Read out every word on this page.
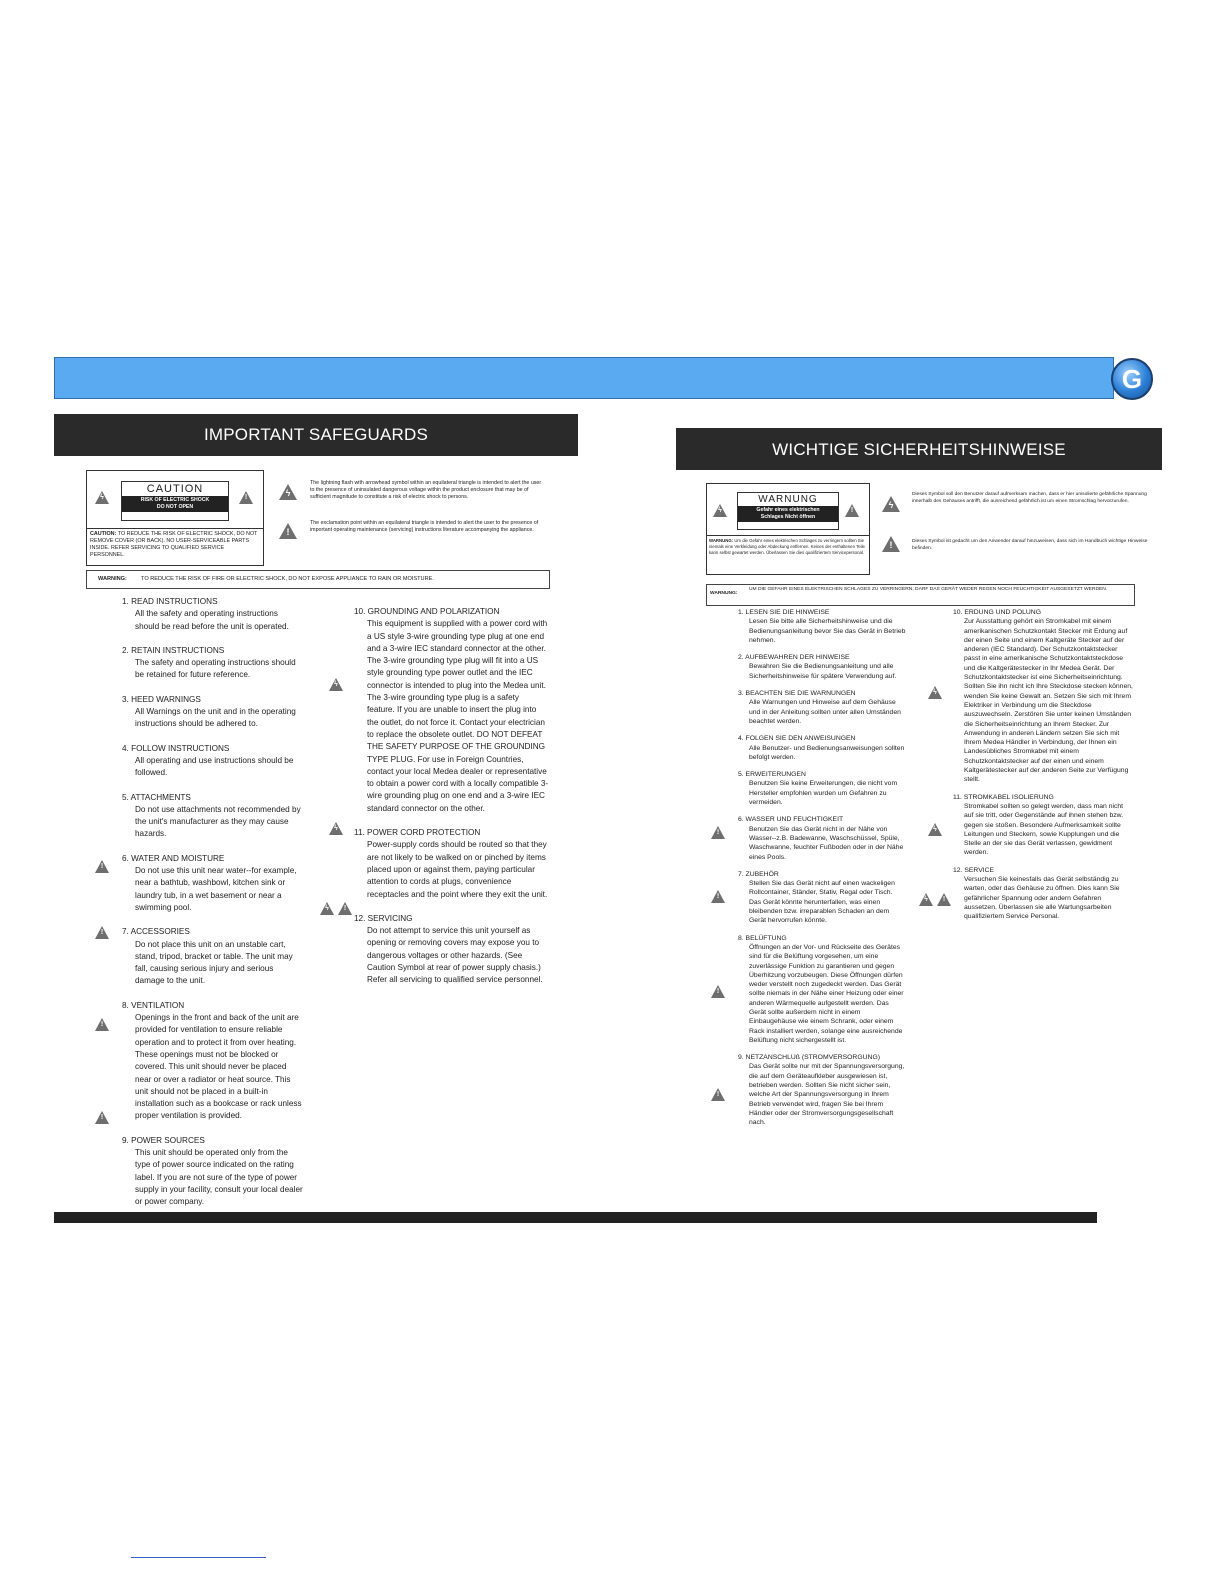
G
IMPORTANT SAFEGUARDS
ϟ
CAUTION
RISK OF ELECTRIC SHOCK
DO NOT OPEN
!
CAUTION: TO REDUCE THE RISK OF ELECTRIC SHOCK, DO NOT REMOVE COVER (OR BACK). NO USER-SERVICEABLE PARTS INSIDE. REFER SERVICING TO QUALIFIED SERVICE PERSONNEL.
ϟ
The lightning flash with arrowhead symbol within an equilateral triangle is intended to alert the user to the presence of uninsulated dangerous voltage within the product enclosure that may be of sufficient magnitude to constitute a risk of electric shock to persons.
!
The exclamation point within an equilateral triangle is intended to alert the user to the presence of important operating maintenance (servicing) instructions literature accompanying the appliance.
WARNING:	TO REDUCE THE RISK OF FIRE OR ELECTRIC SHOCK, DO NOT EXPOSE APPLIANCE TO RAIN OR MOISTURE.
1. READ INSTRUCTIONS
All the safety and operating instructions should be read before the unit is operated.
2. RETAIN INSTRUCTIONS
The safety and operating instructions should be retained for future reference.
3. HEED WARNINGS
All Warnings on the unit and in the operating instructions should be adhered to.
4. FOLLOW INSTRUCTIONS
All operating and use instructions should be followed.
5. ATTACHMENTS
Do not use attachments not recommended by the unit's manufacturer as they may cause hazards.
6. WATER AND MOISTURE
Do not use this unit near water--for example, near a bathtub, washbowl, kitchen sink or laundry tub, in a wet basement or near a swimming pool.
7. ACCESSORIES
Do not place this unit on an unstable cart, stand, tripod, bracket or table. The unit may fall, causing serious injury and serious damage to the unit.
8. VENTILATION
Openings in the front and back of the unit are provided for ventilation to ensure reliable operation and to protect it from over heating. These openings must not be blocked or covered. This unit should never be placed near or over a radiator or heat source. This unit should not be placed in a built-in installation such as a bookcase or rack unless proper ventilation is provided.
9. POWER SOURCES
This unit should be operated only from the type of power source indicated on the rating label. If you are not sure of the type of power supply in your facility, consult your local dealer or power company.
10. GROUNDING AND POLARIZATION
This equipment is supplied with a power cord with a US style 3-wire grounding type plug at one end and a 3-wire IEC standard connector at the other. The 3-wire grounding type plug will fit into a US style grounding type power outlet and the IEC connector is intended to plug into the Medea unit. The 3-wire grounding type plug is a safety feature. If you are unable to insert the plug into the outlet, do not force it. Contact your electrician to replace the obsolete outlet. DO NOT DEFEAT THE SAFETY PURPOSE OF THE GROUNDING TYPE PLUG. For use in Foreign Countries, contact your local Medea dealer or representative to obtain a power cord with a locally compatible 3-wire grounding plug on one end and a 3-wire IEC standard connector on the other.
11. POWER CORD PROTECTION
Power-supply cords should be routed so that they are not likely to be walked on or pinched by items placed upon or against them, paying particular attention to cords at plugs, convenience receptacles and the point where they exit the unit.
12. SERVICING
Do not attempt to service this unit yourself as opening or removing covers may expose you to dangerous voltages or other hazards. (See Caution Symbol at rear of power supply chasis.) Refer all servicing to qualified service personnel.
!
!
!
!
ϟ
ϟ
ϟ !
WICHTIGE SICHERHEITSHINWEISE
ϟ
WARNUNG
Gefahr eines elektrischen
Schlages Nicht öffnen
!
WARNUNG: Um die Gefahr eines elektrischen Schlages zu verringern sollten Sie niemals eine Verkleidung oder Abdeckung entfernen. Keines der enthaltenen Teile kann selbst gewartet werden. Überlassen Sie dies qualifiziertem Servicepersonal.
ϟ
Dieses Symbol soll den Benutzer darauf aufmerksam machen, dass er hier unisolierte gefährliche Spannung innerhalb des Gehäuses antrifft, die ausreichend gefährlich ist um einen Stromschlag hervorzurufen.
!	Dieses Symbol ist gedacht um den Anwender darauf hinzuweisen, dass sich im Handbuch wichtige Hinweise befinden.
WARNUNG:
UM DIE GEFAHR EINES ELEKTRISCHEN SCHLAGES ZU VERRINGERN, DARF DAS GERÄT WEDER REGEN NOCH FEUCHTIGKEIT AUSGESETZT WERDEN.
1. LESEN SIE DIE HINWEISE
Lesen Sie bitte alle Sicherheitshinweise und die Bedienungsanleitung bevor Sie das Gerät in Betrieb nehmen.
2. AUFBEWAHREN DER HINWEISE
Bewahren Sie die Bedienungsanleitung und alle Sicherheitshinweise für spätere Verwendung auf.
3. BEACHTEN SIE DIE WARNUNGEN
Alle Warnungen und Hinweise auf dem Gehäuse und in der Anleitung sollten unter allen Umständen beachtet werden.
4. FOLGEN SIE DEN ANWEISUNGEN
Alle Benutzer- und Bedienungsanweisungen sollten befolgt werden.
5. ERWEITERUNGEN
Benutzen Sie keine Erweiterungen, die nicht vom Hersteller empfohlen wurden um Gefahren zu vermeiden.
6. WASSER UND FEUCHTIGKEIT
Benutzen Sie das Gerät nicht in der Nähe von Wasser--z.B. Badewanne, Waschschüssel, Spüle, Waschwanne, feuchter Fußboden oder in der Nähe eines Pools.
7. ZUBEHÖR
Stellen Sie das Gerät nicht auf einen wackeligen Rollcontainer, Ständer, Stativ, Regal oder Tisch. Das Gerät könnte herunterfallen, was einen bleibenden bzw. irreparablen Schaden an dem Gerät hervorrufen könnte.
8. BELÜFTUNG
Öffnungen an der Vor- und Rückseite des Gerätes sind für die Belüftung vorgesehen, um eine zuverlässige Funktion zu garantieren und gegen Überhitzung vorzubeugen. Diese Öffnungen dürfen weder verstellt noch zugedeckt werden. Das Gerät sollte niemals in der Nähe einer Heizung oder einer anderen Wärmequelle aufgestellt werden. Das Gerät sollte außerdem nicht in einem Einbaugehäuse wie einem Schrank, oder einem Rack installiert werden, solange eine ausreichende Belüftung nicht sichergestellt ist.
9. NETZANSCHLUß (STROMVERSORGUNG)
Das Gerät sollte nur mit der Spannungsversorgung, die auf dem Geräteaufkleber ausgewiesen ist, betrieben werden. Sollten Sie nicht sicher sein, welche Art der Spannungsversorgung in Ihrem Betrieb verwendet wird, fragen Sie bei Ihrem Händler oder der Stromversorgungsgesellschaft nach.
10. ERDUNG UND POLUNG
Zur Ausstattung gehört ein Stromkabel mit einem amerikanischen Schutzkontakt Stecker mit Erdung auf der einen Seite und einem Kaltgeräte Stecker auf der anderen (IEC Standard). Der Schutzkontaktstecker passt in eine amerikanische Schutzkontaktsteckdose und die Kaltgerätestecker in Ihr Medea Gerät. Der Schutzkontaktstecker ist eine Sicherheitseinrichtung. Sollten Sie ihn nicht ich Ihre Steckdose stecken können, wenden Sie keine Gewalt an. Setzen Sie sich mit Ihrem Elektriker in Verbindung um die Steckdose auszuwechseln. Zerstören Sie unter keinen Umständen die Sicherheitseinrichtung an Ihrem Stecker. Zur Anwendung in anderen Ländern setzen Sie sich mit Ihrem Medea Händler in Verbindung, der Ihnen ein Landesübliches Stromkabel mit einem Schutzkontaktstecker auf der einen und einem Kaltgerätestecker auf der anderen Seite zur Verfügung stellt.
11. STROMKABEL ISOLIERUNG
Stromkabel sollten so gelegt werden, dass man nicht auf sie tritt, oder Gegenstände auf ihnen stehen bzw. gegen sie stoßen. Besondere Aufmerksamkeit sollte Leitungen und Steckern, sowie Kupplungen und die Stelle an der sie das Gerät verlassen, gewidment werden.
12. SERVICE
Versuchen Sie keinesfalls das Gerät selbständig zu warten, oder das Gehäuse zu öffnen. Dies kann Sie gefährlicher Spannung oder andern Gefahren aussetzen. Überlassen sie alle Wartungsarbeiten qualifiziertem Service Personal.
!
!
!
!
ϟ
ϟ
ϟ !
